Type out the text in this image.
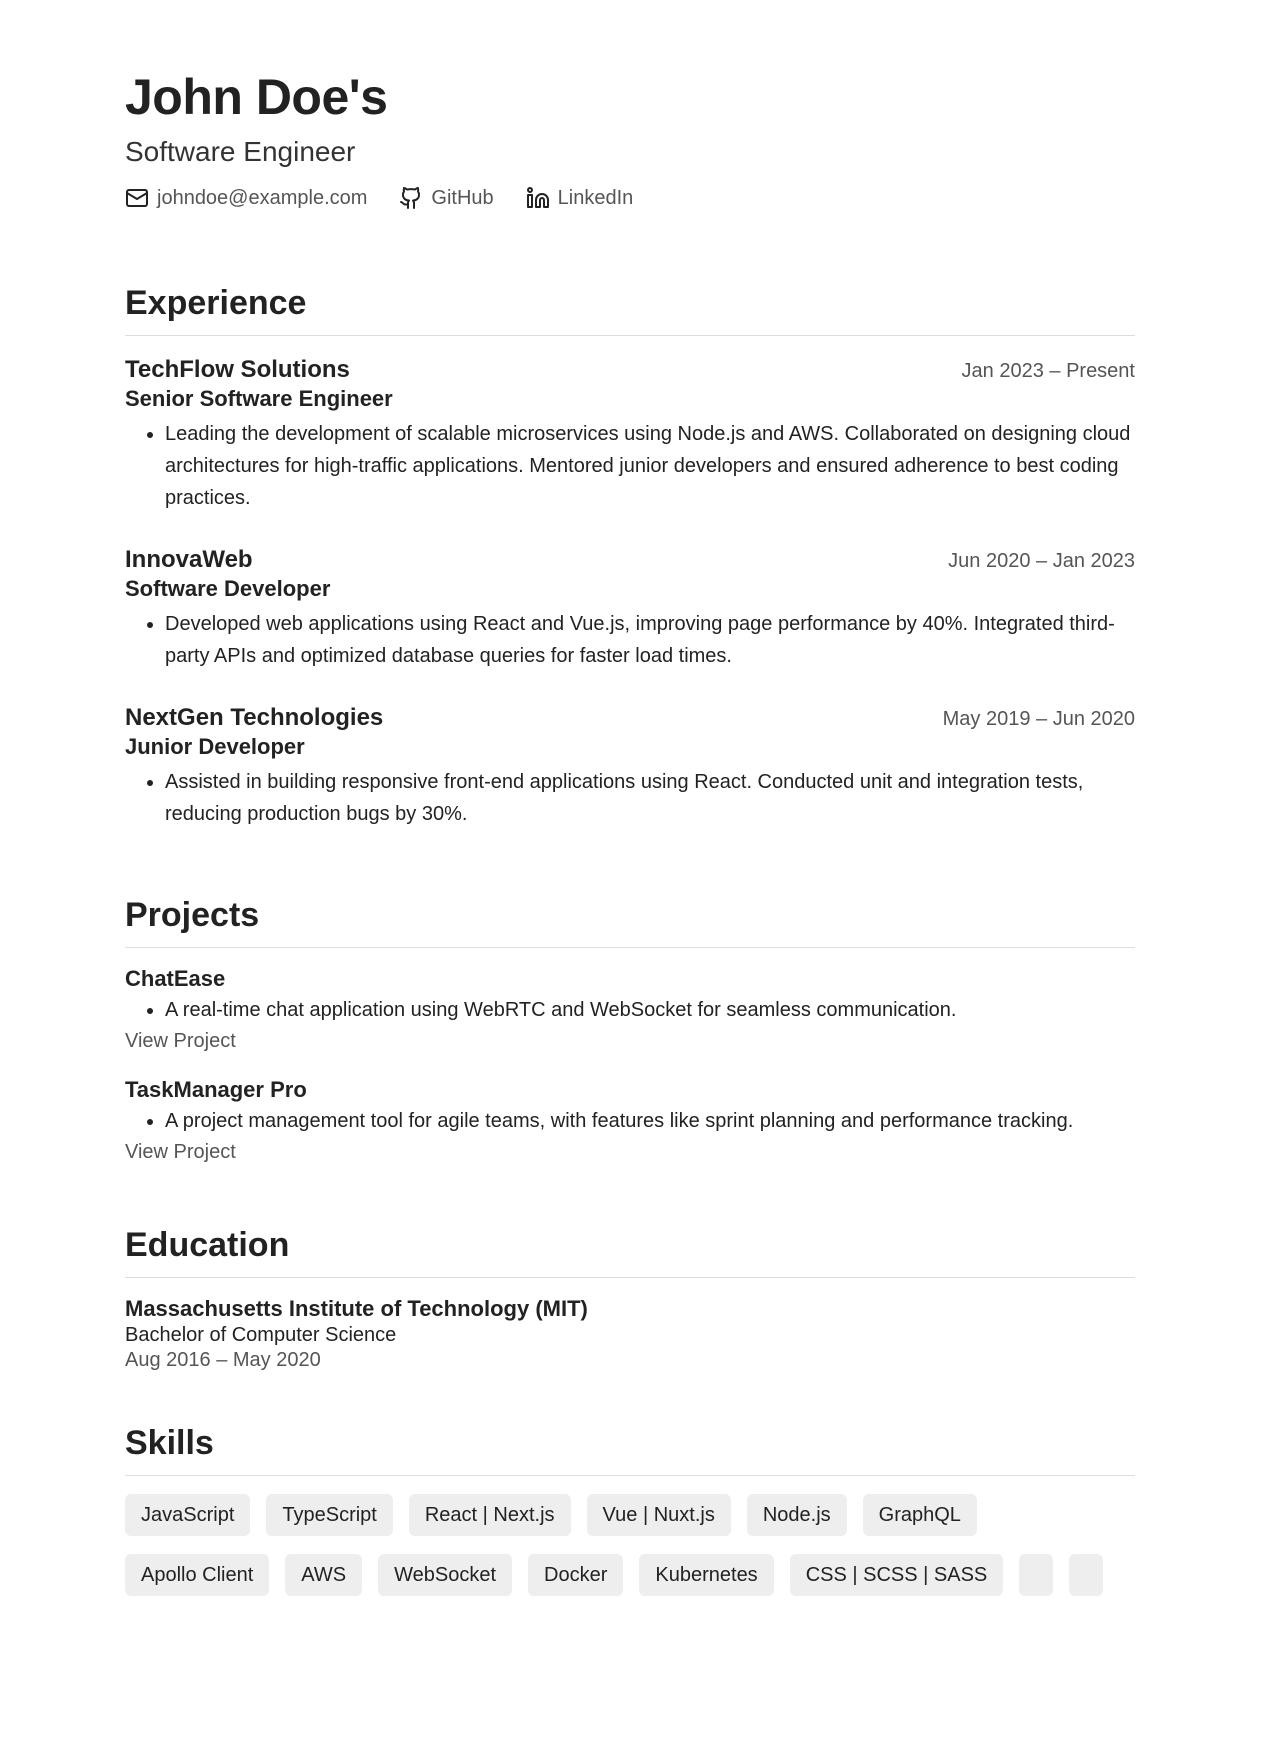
John Doe's
Software Engineer
johndoe@example.com	GitHub	LinkedIn
Experience
TechFlow Solutions	Jan 2023 – Present
Senior Software Engineer
• Leading the development of scalable microservices using Node.js and AWS. Collaborated on designing cloud architectures for high-traffic applications. Mentored junior developers and ensured adherence to best coding practices.
InnovaWeb	Jun 2020 – Jan 2023
Software Developer
• Developed web applications using React and Vue.js, improving page performance by 40%. Integrated third-party APIs and optimized database queries for faster load times.
NextGen Technologies	May 2019 – Jun 2020
Junior Developer
• Assisted in building responsive front-end applications using React. Conducted unit and integration tests, reducing production bugs by 30%.
Projects
ChatEase
• A real-time chat application using WebRTC and WebSocket for seamless communication.
View Project
TaskManager Pro
• A project management tool for agile teams, with features like sprint planning and performance tracking.
View Project
Education
Massachusetts Institute of Technology (MIT)
Bachelor of Computer Science
Aug 2016 – May 2020
Skills
JavaScript	TypeScript	React | Next.js	Vue | Nuxt.js	Node.js	GraphQL
Apollo Client	AWS	WebSocket	Docker	Kubernetes	CSS | SCSS | SASS
